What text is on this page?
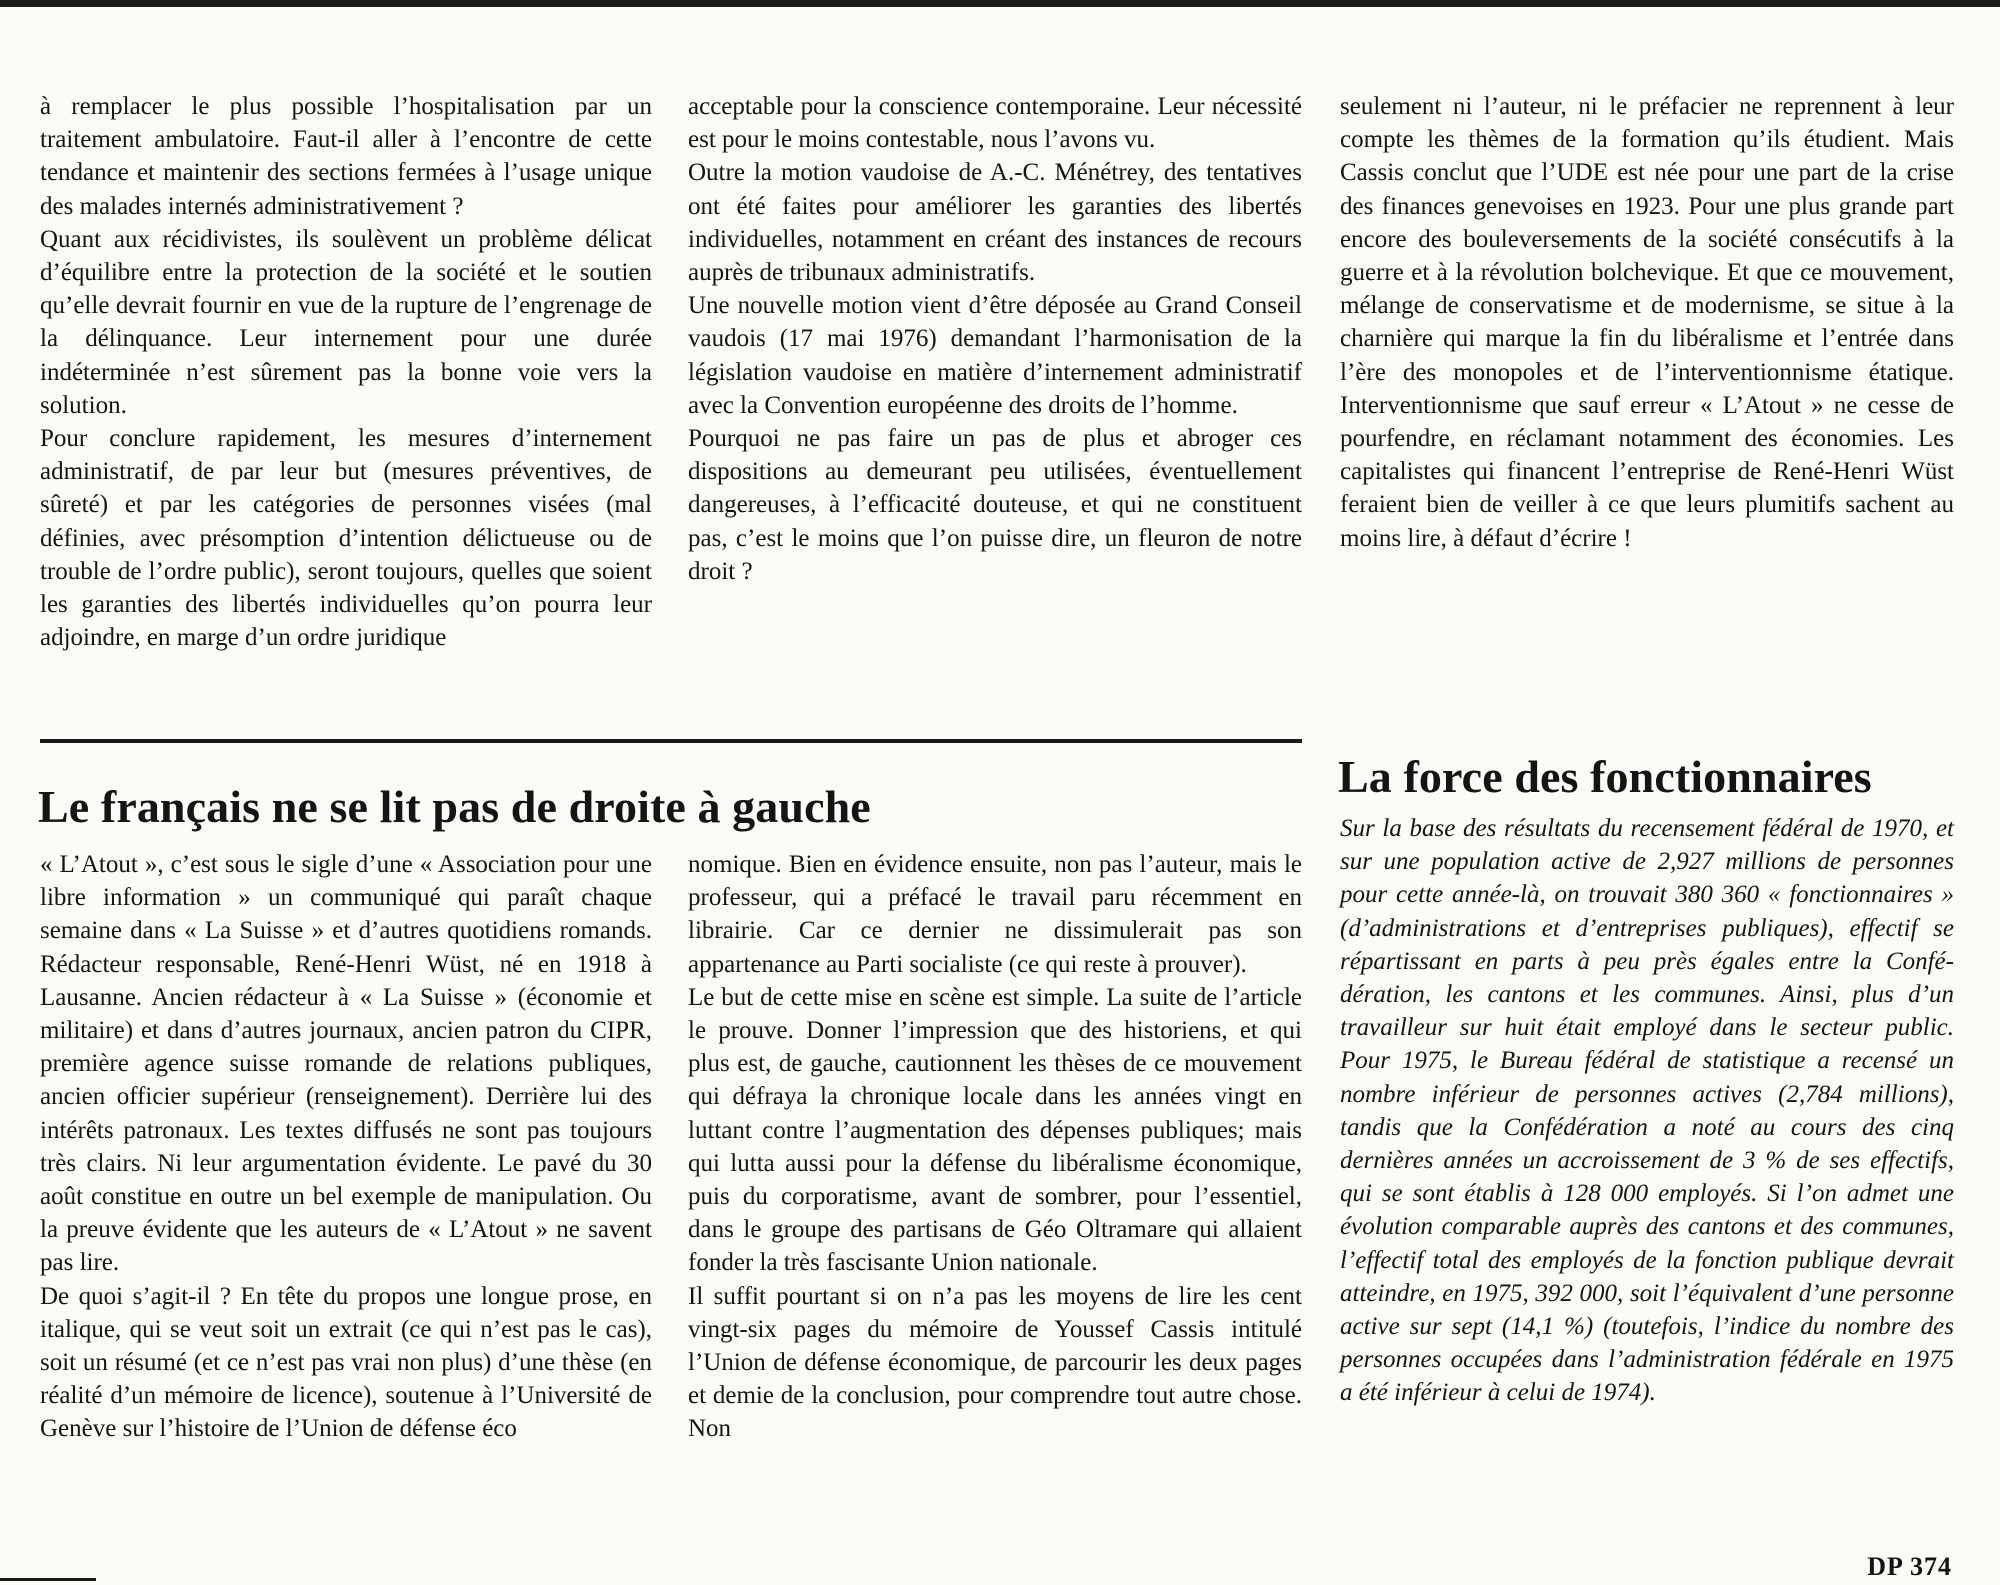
à remplacer le plus possible l’hospitalisation par un traitement ambulatoire. Faut-il aller à l’encontre de cette tendance et maintenir des sections fermées à l’usage unique des malades internés administrativement ?

Quant aux récidivistes, ils soulèvent un problème délicat d’équilibre entre la protection de la société et le soutien qu’elle devrait fournir en vue de la rupture de l’engrenage de la délinquance. Leur internement pour une durée indéterminée n’est sûrement pas la bonne voie vers la solution.

Pour conclure rapidement, les mesures d’internement administratif, de par leur but (mesures préventives, de sûreté) et par les catégories de personnes visées (mal définies, avec présomption d’intention délictueuse ou de trouble de l’ordre public), seront toujours, quelles que soient les garanties des libertés individuelles qu’on pourra leur adjoindre, en marge d’un ordre juridique

acceptable pour la conscience contemporaine. Leur nécessité est pour le moins contestable, nous l’avons vu.

Outre la motion vaudoise de A.-C. Ménétrey, des tentatives ont été faites pour améliorer les garanties des libertés individuelles, notamment en créant des instances de recours auprès de tribunaux administratifs.

Une nouvelle motion vient d’être déposée au Grand Conseil vaudois (17 mai 1976) demandant l’harmonisation de la législation vaudoise en matière d’internement administratif avec la Convention européenne des droits de l’homme.

Pourquoi ne pas faire un pas de plus et abroger ces dispositions au demeurant peu utilisées, éventuellement dangereuses, à l’efficacité douteuse, et qui ne constituent pas, c’est le moins que l’on puisse dire, un fleuron de notre droit ?

seulement ni l’auteur, ni le préfacier ne reprennent à leur compte les thèmes de la formation qu’ils étudient. Mais Cassis conclut que l’UDE est née pour une part de la crise des finances genevoises en 1923. Pour une plus grande part encore des bouleversements de la société consécutifs à la guerre et à la révolution bolchevique. Et que ce mouvement, mélange de conservatisme et de modernisme, se situe à la charnière qui marque la fin du libéralisme et l’entrée dans l’ère des monopoles et de l’interventionnisme étatique. Interventionnisme que sauf erreur « L’Atout » ne cesse de pourfendre, en réclamant notamment des économies. Les capitalistes qui financent l’entreprise de René-Henri Wüst feraient bien de veiller à ce que leurs plumitifs sachent au moins lire, à défaut d’écrire !

Le français ne se lit pas de droite à gauche

« L’Atout », c’est sous le sigle d’une « Association pour une libre information » un communiqué qui paraît chaque semaine dans « La Suisse » et d’autres quotidiens romands. Rédacteur responsable, René-Henri Wüst, né en 1918 à Lausanne. Ancien rédacteur à « La Suisse » (économie et militaire) et dans d’autres journaux, ancien patron du CIPR, première agence suisse romande de relations publiques, ancien officier supérieur (renseignement). Derrière lui des intérêts patronaux. Les textes diffusés ne sont pas toujours très clairs. Ni leur argumentation évidente. Le pavé du 30 août constitue en outre un bel exemple de manipulation. Ou la preuve évidente que les auteurs de « L’Atout » ne savent pas lire.

De quoi s’agit-il ? En tête du propos une longue prose, en italique, qui se veut soit un extrait (ce qui n’est pas le cas), soit un résumé (et ce n’est pas vrai non plus) d’une thèse (en réalité d’un mémoire de licence), soutenue à l’Université de Genève sur l’histoire de l’Union de défense éco

nomique. Bien en évidence ensuite, non pas l’auteur, mais le professeur, qui a préfacé le travail paru récemment en librairie. Car ce dernier ne dissimulerait pas son appartenance au Parti socialiste (ce qui reste à prouver).

Le but de cette mise en scène est simple. La suite de l’article le prouve. Donner l’impression que des historiens, et qui plus est, de gauche, cautionnent les thèses de ce mouvement qui défraya la chronique locale dans les années vingt en luttant contre l’augmentation des dépenses publiques; mais qui lutta aussi pour la défense du libéralisme économique, puis du corporatisme, avant de sombrer, pour l’essentiel, dans le groupe des partisans de Géo Oltramare qui allaient fonder la très fascisante Union nationale.

Il suffit pourtant si on n’a pas les moyens de lire les cent vingt-six pages du mémoire de Youssef Cassis intitulé l’Union de défense économique, de parcourir les deux pages et demie de la conclusion, pour comprendre tout autre chose. Non

La force des fonctionnaires

Sur la base des résultats du recensement fédéral de 1970, et sur une population active de 2,927 millions de personnes pour cette année-là, on trouvait 380 360 « fonctionnaires » (d’administrations et d’entreprises publiques), effectif se répartissant en parts à peu près égales entre la Confédération, les cantons et les communes. Ainsi, plus d’un travailleur sur huit était employé dans le secteur public. Pour 1975, le Bureau fédéral de statistique a recensé un nombre inférieur de personnes actives (2,784 millions), tandis que la Confédération a noté au cours des cinq dernières années un accroissement de 3 % de ses effectifs, qui se sont établis à 128 000 employés. Si l’on admet une évolution comparable auprès des cantons et des communes, l’effectif total des employés de la fonction publique devrait atteindre, en 1975, 392 000, soit l’équivalent d’une personne active sur sept (14,1 %) (toutefois, l’indice du nombre des personnes occupées dans l’administration fédérale en 1975 a été inférieur à celui de 1974).

DP 374
